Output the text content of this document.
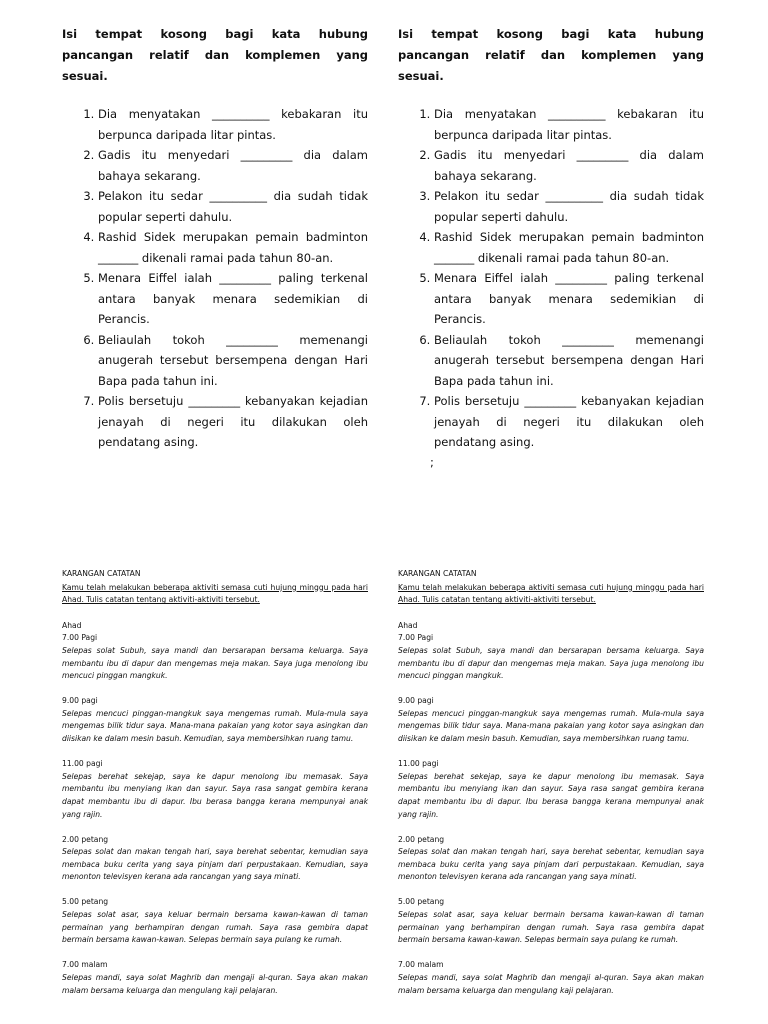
Isi tempat kosong bagi kata hubung pancangan relatif dan komplemen yang sesuai.

1. Dia menyatakan __________ kebakaran itu berpunca daripada litar pintas.
2. Gadis itu menyedari _________ dia dalam bahaya sekarang.
3. Pelakon itu sedar __________ dia sudah tidak popular seperti dahulu.
4. Rashid Sidek merupakan pemain badminton _______ dikenali ramai pada tahun 80-an.
5. Menara Eiffel ialah _________ paling terkenal antara banyak menara sedemikian di Perancis.
6. Beliaulah tokoh _________ memenangi anugerah tersebut bersempena dengan Hari Bapa pada tahun ini.
7. Polis bersetuju _________ kebanyakan kejadian jenayah di negeri itu dilakukan oleh pendatang asing.

KARANGAN CATATAN

Kamu telah melakukan beberapa aktiviti semasa cuti hujung minggu pada hari Ahad. Tulis catatan tentang aktiviti-aktiviti tersebut.

Ahad

7.00 Pagi

Selepas solat Subuh, saya mandi dan bersarapan bersama keluarga. Saya membantu ibu di dapur dan mengemas meja makan. Saya juga menolong ibu mencuci pinggan mangkuk.

9.00 pagi

Selepas mencuci pinggan-mangkuk saya mengemas rumah. Mula-mula saya mengemas bilik tidur saya. Mana-mana pakaian yang kotor saya asingkan dan diisikan ke dalam mesin basuh. Kemudian, saya membersihkan ruang tamu.

11.00 pagi

Selepas berehat sekejap, saya ke dapur menolong ibu memasak. Saya membantu ibu menyiang ikan dan sayur. Saya rasa sangat gembira kerana dapat membantu ibu di dapur. Ibu berasa bangga kerana mempunyai anak yang rajin.

2.00 petang

Selepas solat dan makan tengah hari, saya berehat sebentar, kemudian saya membaca buku cerita yang saya pinjam dari perpustakaan. Kemudian, saya menonton televisyen kerana ada rancangan yang saya minati.

5.00 petang

Selepas solat asar, saya keluar bermain bersama kawan-kawan di taman permainan yang berhampiran dengan rumah. Saya rasa gembira dapat bermain bersama kawan-kawan. Selepas bermain saya pulang ke rumah.

7.00 malam

Selepas mandi, saya solat Maghrib dan mengaji al-quran. Saya akan makan malam bersama keluarga dan mengulang kaji pelajaran.

Isi tempat kosong bagi kata hubung pancangan relatif dan komplemen yang sesuai.

1. Dia menyatakan __________ kebakaran itu berpunca daripada litar pintas.
2. Gadis itu menyedari _________ dia dalam bahaya sekarang.
3. Pelakon itu sedar __________ dia sudah tidak popular seperti dahulu.
4. Rashid Sidek merupakan pemain badminton _______ dikenali ramai pada tahun 80-an.
5. Menara Eiffel ialah _________ paling terkenal antara banyak menara sedemikian di Perancis.
6. Beliaulah tokoh _________ memenangi anugerah tersebut bersempena dengan Hari Bapa pada tahun ini.
7. Polis bersetuju _________ kebanyakan kejadian jenayah di negeri itu dilakukan oleh pendatang asing.
;

KARANGAN CATATAN

Kamu telah melakukan beberapa aktiviti semasa cuti hujung minggu pada hari Ahad. Tulis catatan tentang aktiviti-aktiviti tersebut.

Ahad

7.00 Pagi

Selepas solat Subuh, saya mandi dan bersarapan bersama keluarga. Saya membantu ibu di dapur dan mengemas meja makan. Saya juga menolong ibu mencuci pinggan mangkuk.

9.00 pagi

Selepas mencuci pinggan-mangkuk saya mengemas rumah. Mula-mula saya mengemas bilik tidur saya. Mana-mana pakaian yang kotor saya asingkan dan diisikan ke dalam mesin basuh. Kemudian, saya membersihkan ruang tamu.

11.00 pagi

Selepas berehat sekejap, saya ke dapur menolong ibu memasak. Saya membantu ibu menyiang ikan dan sayur. Saya rasa sangat gembira kerana dapat membantu ibu di dapur. Ibu berasa bangga kerana mempunyai anak yang rajin.

2.00 petang

Selepas solat dan makan tengah hari, saya berehat sebentar, kemudian saya membaca buku cerita yang saya pinjam dari perpustakaan. Kemudian, saya menonton televisyen kerana ada rancangan yang saya minati.

5.00 petang

Selepas solat asar, saya keluar bermain bersama kawan-kawan di taman permainan yang berhampiran dengan rumah. Saya rasa gembira dapat bermain bersama kawan-kawan. Selepas bermain saya pulang ke rumah.

7.00 malam

Selepas mandi, saya solat Maghrib dan mengaji al-quran. Saya akan makan malam bersama keluarga dan mengulang kaji pelajaran.
